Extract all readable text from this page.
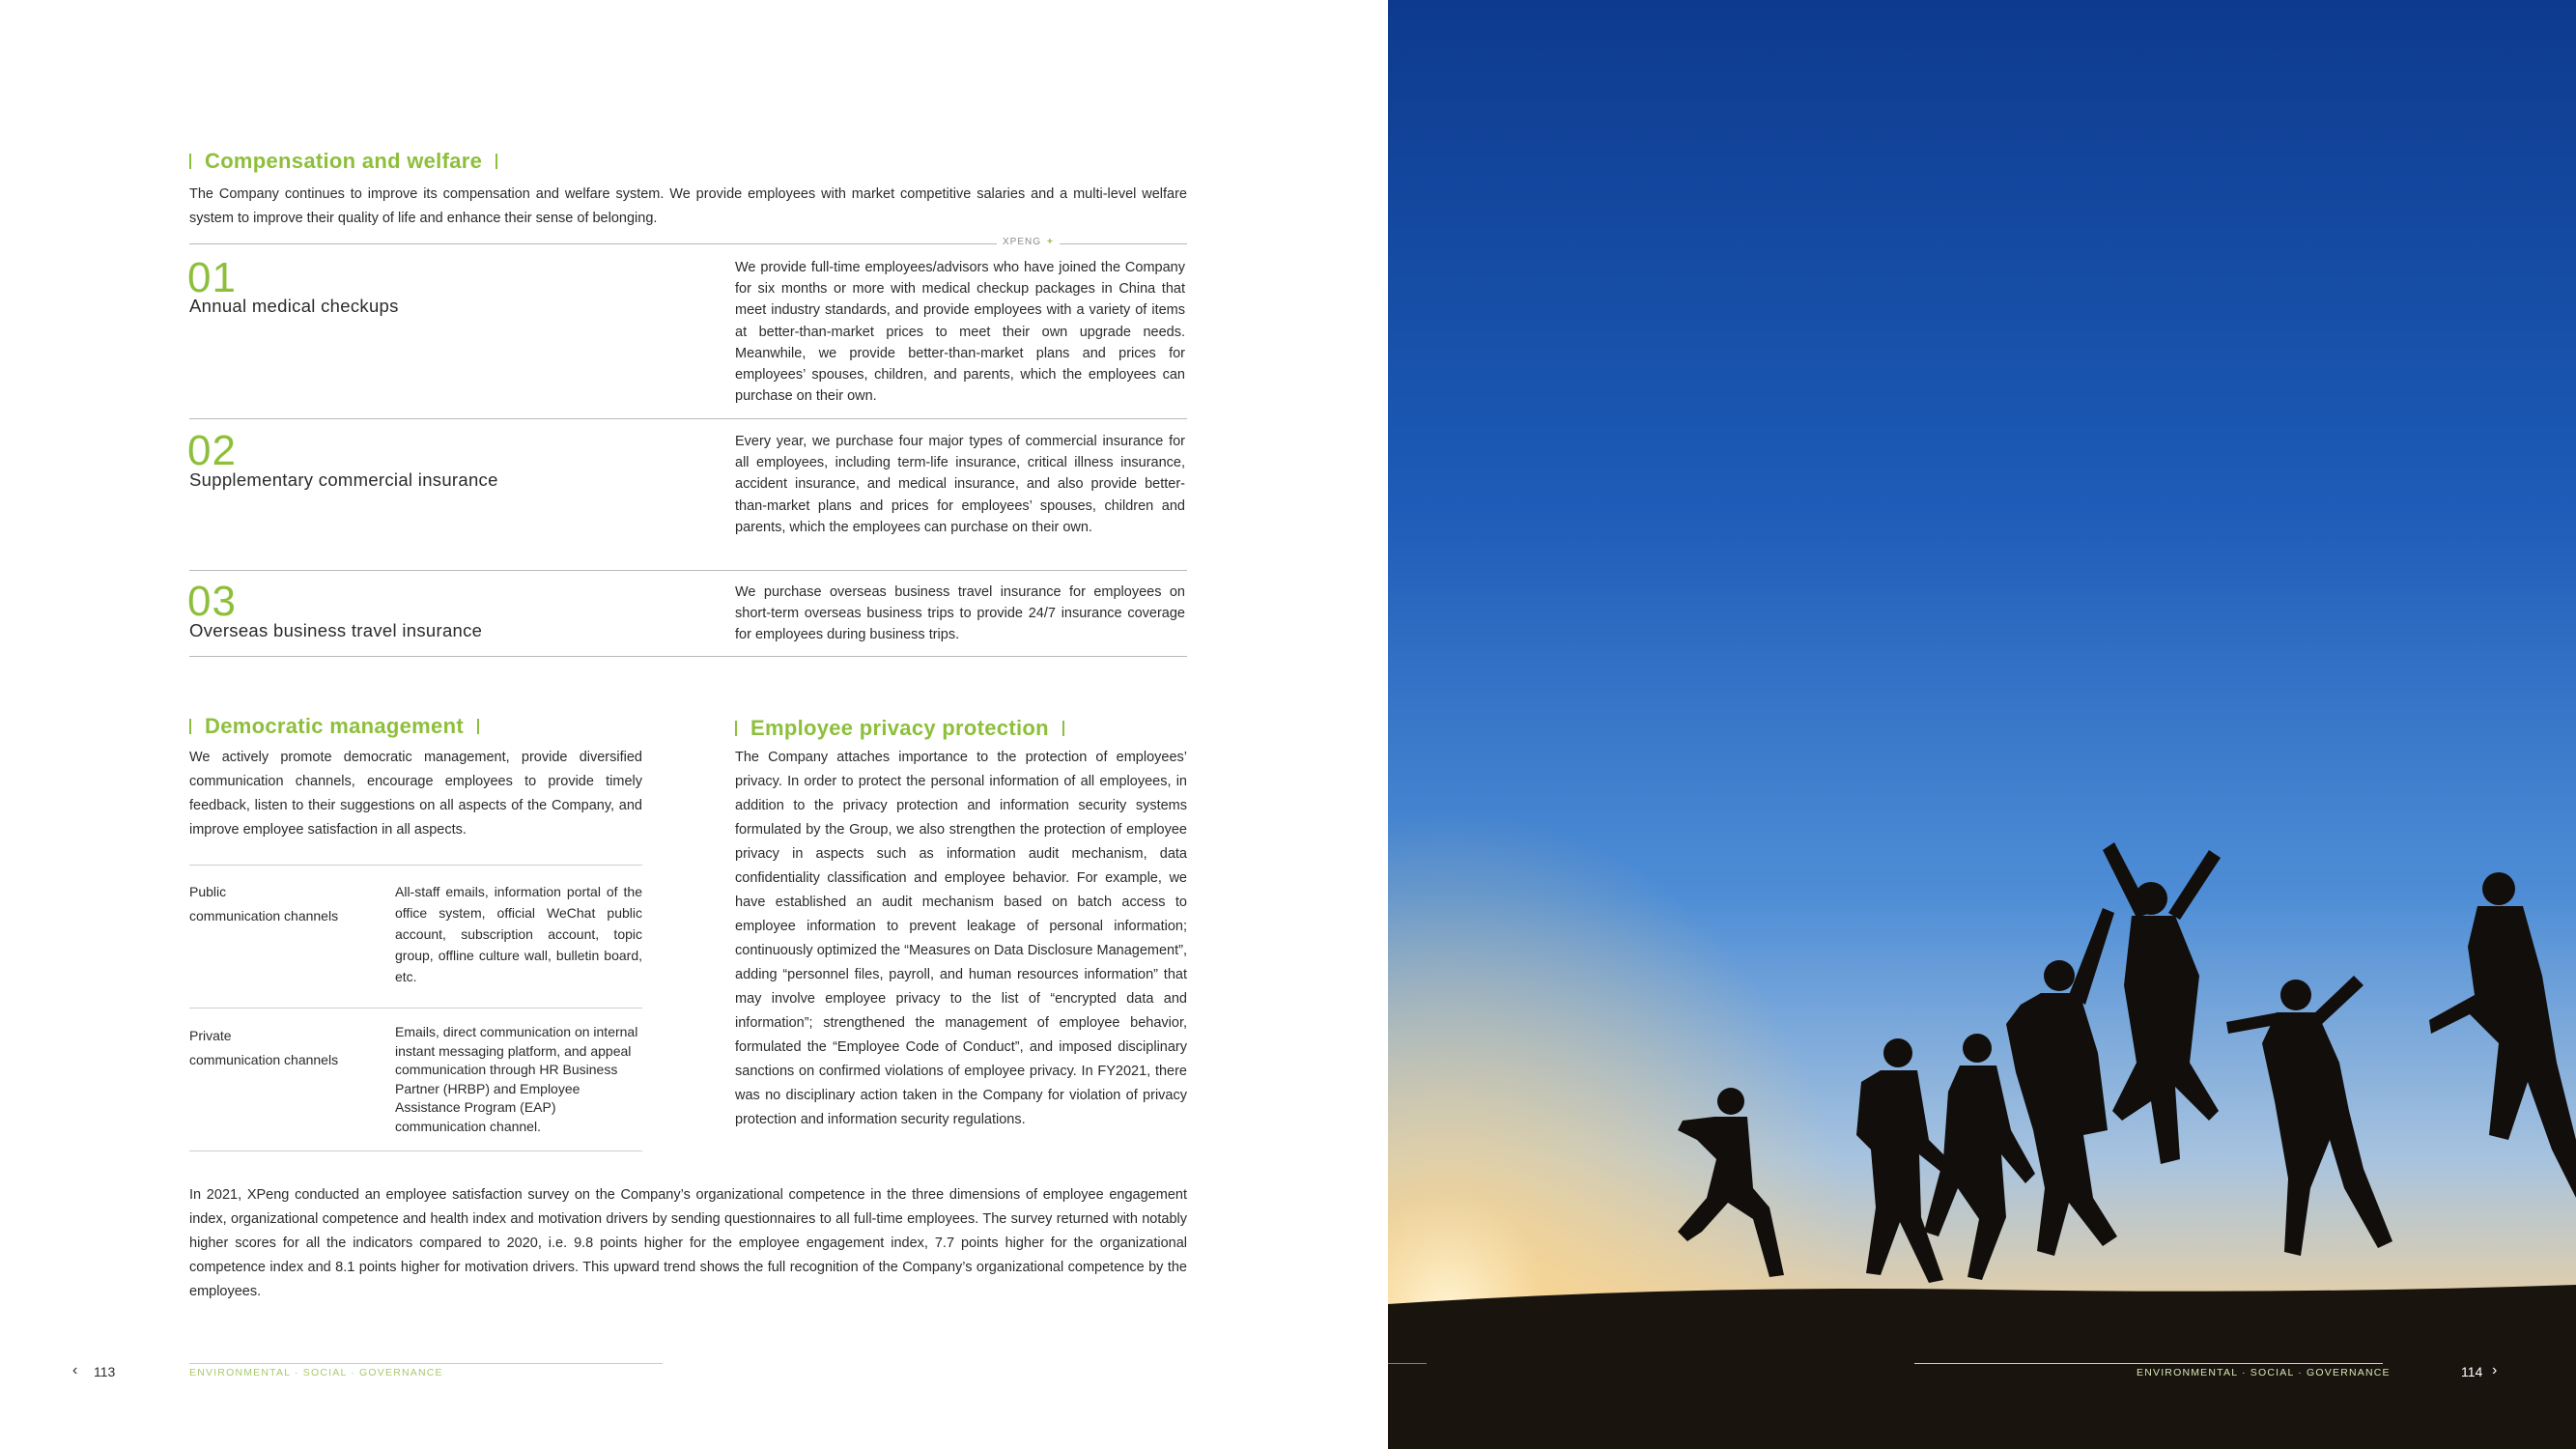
Compensation and welfare

The Company continues to improve its compensation and welfare system. We provide employees with market competitive salaries and a multi-level welfare system to improve their quality of life and enhance their sense of belonging.

XPENG +
01
Annual medical checkups

We provide full-time employees/advisors who have joined the Company for six months or more with medical checkup packages in China that meet industry standards, and provide employees with a variety of items at better-than-market prices to meet their own upgrade needs. Meanwhile, we provide better-than-market plans and prices for employees’ spouses, children, and parents, which the employees can purchase on their own.

02
Supplementary commercial insurance

Every year, we purchase four major types of commercial insurance for all employees, including term-life insurance, critical illness insurance, accident insurance, and medical insurance, and also provide better-than-market plans and prices for employees’ spouses, children and parents, which the employees can purchase on their own.

03
Overseas business travel insurance

We purchase overseas business travel insurance for employees on short-term overseas business trips to provide 24/7 insurance coverage for employees during business trips.

Democratic management

We actively promote democratic management, provide diversified communication channels, encourage employees to provide timely feedback, listen to their suggestions on all aspects of the Company, and improve employee satisfaction in all aspects.

Public
communication channels

All-staff emails, information portal of the office system, official WeChat public account, subscription account, topic group, offline culture wall, bulletin board, etc.

Private
communication channels

Emails, direct communication on internal instant messaging platform, and appeal communication through HR Business Partner (HRBP) and Employee Assistance Program (EAP) communication channel.

Employee privacy protection

The Company attaches importance to the protection of employees’ privacy. In order to protect the personal information of all employees, in addition to the privacy protection and information security systems formulated by the Group, we also strengthen the protection of employee privacy in aspects such as information audit mechanism, data confidentiality classification and employee behavior. For example, we have established an audit mechanism based on batch access to employee information to prevent leakage of personal information; continuously optimized the “Measures on Data Disclosure Management”, adding “personnel files, payroll, and human resources information” that may involve employee privacy to the list of “encrypted data and information”; strengthened the management of employee behavior, formulated the “Employee Code of Conduct”, and imposed disciplinary sanctions on confirmed violations of employee privacy. In FY2021, there was no disciplinary action taken in the Company for violation of privacy protection and information security regulations.

In 2021, XPeng conducted an employee satisfaction survey on the Company’s organizational competence in the three dimensions of employee engagement index, organizational competence and health index and motivation drivers by sending questionnaires to all full-time employees. The survey returned with notably higher scores for all the indicators compared to 2020, i.e. 9.8 points higher for the employee engagement index, 7.7 points higher for the organizational competence index and 8.1 points higher for motivation drivers. This upward trend shows the full recognition of the Company’s organizational competence by the employees.

‹ 113	ENVIRONMENTAL · SOCIAL · GOVERNANCE	ENVIRONMENTAL · SOCIAL · GOVERNANCE	114 ›
